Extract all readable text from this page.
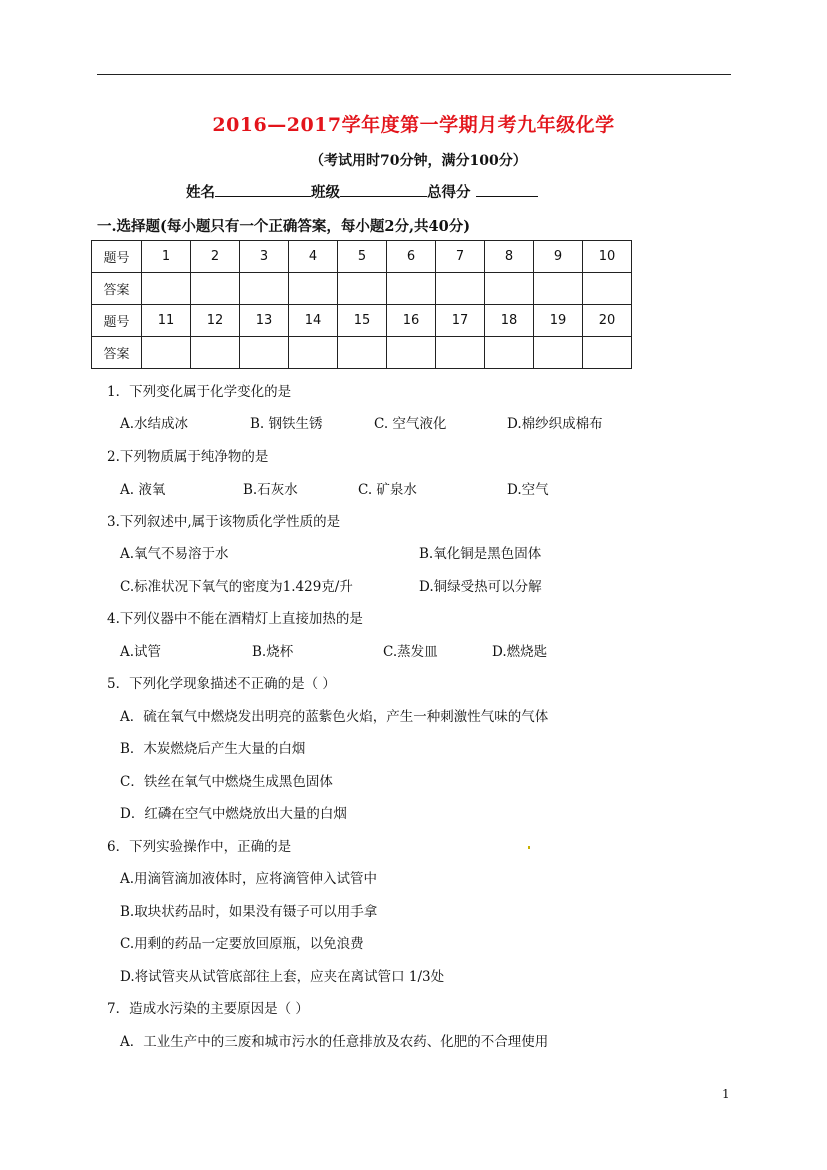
2016—2017学年度第一学期月考九年级化学
（考试用时70分钟，满分100分）
姓名	班级	总得分
一.选择题(每小题只有一个正确答案，每小题2分,共40分)
题号	1	2	3	4	5	6	7	8	9	10
答案										
题号	11	12	13	14	15	16	17	18	19	20
答案										
1．下列变化属于化学变化的是
A.水结成冰	B. 钢铁生锈	C. 空气液化	D.棉纱织成棉布
2.下列物质属于纯净物的是
A. 液氧	B.石灰水	C. 矿泉水	D.空气
3.下列叙述中,属于该物质化学性质的是
A.氧气不易溶于水	B.氧化铜是黑色固体
C.标准状况下氧气的密度为1.429克/升	D.铜绿受热可以分解
4.下列仪器中不能在酒精灯上直接加热的是
A.试管	B.烧杯	C.蒸发皿	D.燃烧匙
5．下列化学现象描述不正确的是（ ）
A．硫在氧气中燃烧发出明亮的蓝紫色火焰，产生一种刺激性气味的气体
B．木炭燃烧后产生大量的白烟
C．铁丝在氧气中燃烧生成黑色固体
D．红磷在空气中燃烧放出大量的白烟
6．下列实验操作中，正确的是
A.用滴管滴加液体时，应将滴管伸入试管中
B.取块状药品时，如果没有镊子可以用手拿
C.用剩的药品一定要放回原瓶，以免浪费
D.将试管夹从试管底部往上套，应夹在离试管口 1/3处
7．造成水污染的主要原因是（ ）
A．工业生产中的三废和城市污水的任意排放及农药、化肥的不合理使用
1
